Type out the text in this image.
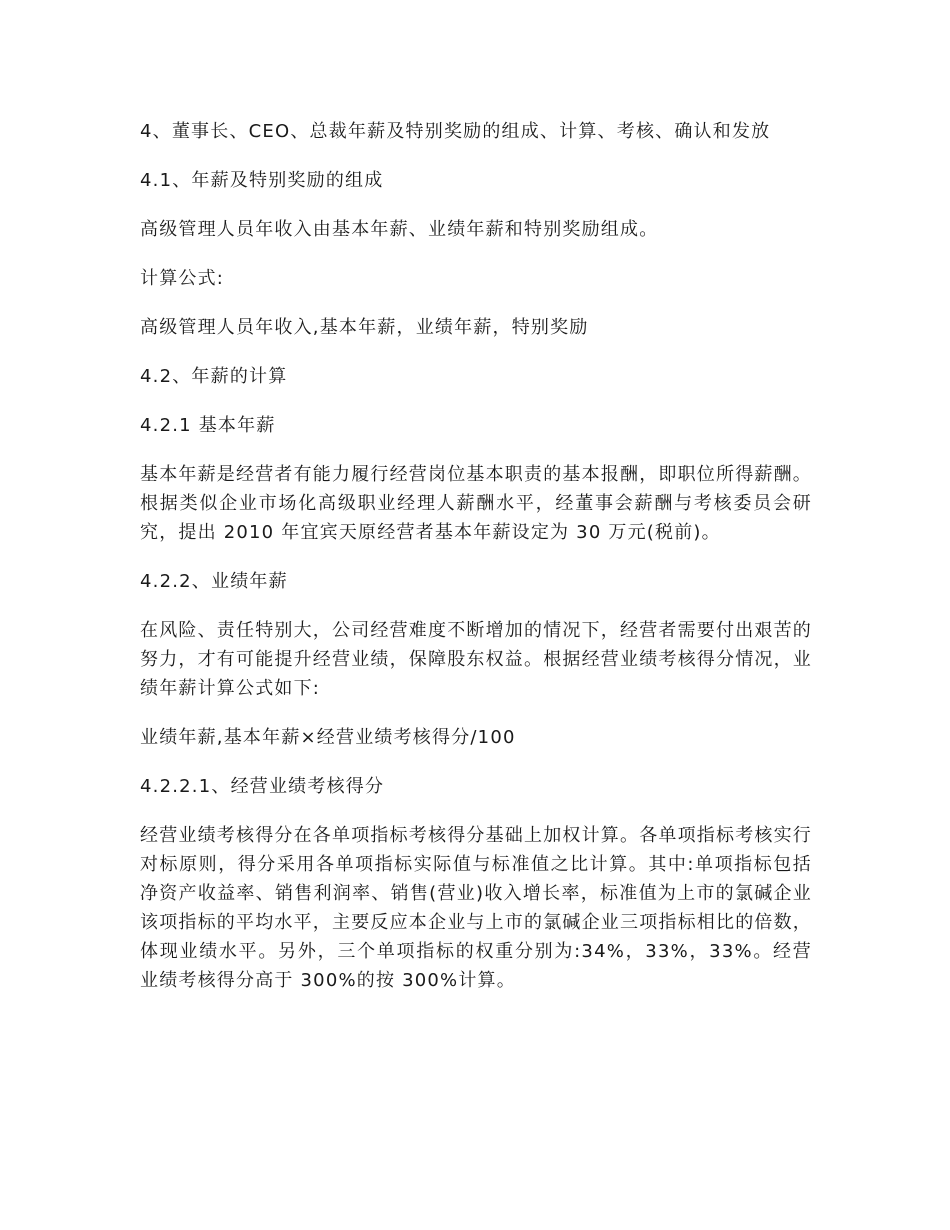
4、董事长、CEO、总裁年薪及特别奖励的组成、计算、考核、确认和发放

4.1、年薪及特别奖励的组成

高级管理人员年收入由基本年薪、业绩年薪和特别奖励组成。

计算公式:

高级管理人员年收入,基本年薪，业绩年薪，特别奖励

4.2、年薪的计算

4.2.1 基本年薪

基本年薪是经营者有能力履行经营岗位基本职责的基本报酬，即职位所得薪酬。根据类似企业市场化高级职业经理人薪酬水平，经董事会薪酬与考核委员会研究，提出 2010 年宜宾天原经营者基本年薪设定为 30 万元(税前)。

4.2.2、业绩年薪

在风险、责任特别大，公司经营难度不断增加的情况下，经营者需要付出艰苦的努力，才有可能提升经营业绩，保障股东权益。根据经营业绩考核得分情况，业绩年薪计算公式如下:

业绩年薪,基本年薪×经营业绩考核得分/100

4.2.2.1、经营业绩考核得分

经营业绩考核得分在各单项指标考核得分基础上加权计算。各单项指标考核实行对标原则，得分采用各单项指标实际值与标准值之比计算。其中:单项指标包括净资产收益率、销售利润率、销售(营业)收入增长率，标准值为上市的氯碱企业该项指标的平均水平，主要反应本企业与上市的氯碱企业三项指标相比的倍数，体现业绩水平。另外，三个单项指标的权重分别为:34%，33%，33%。经营业绩考核得分高于 300%的按 300%计算。
